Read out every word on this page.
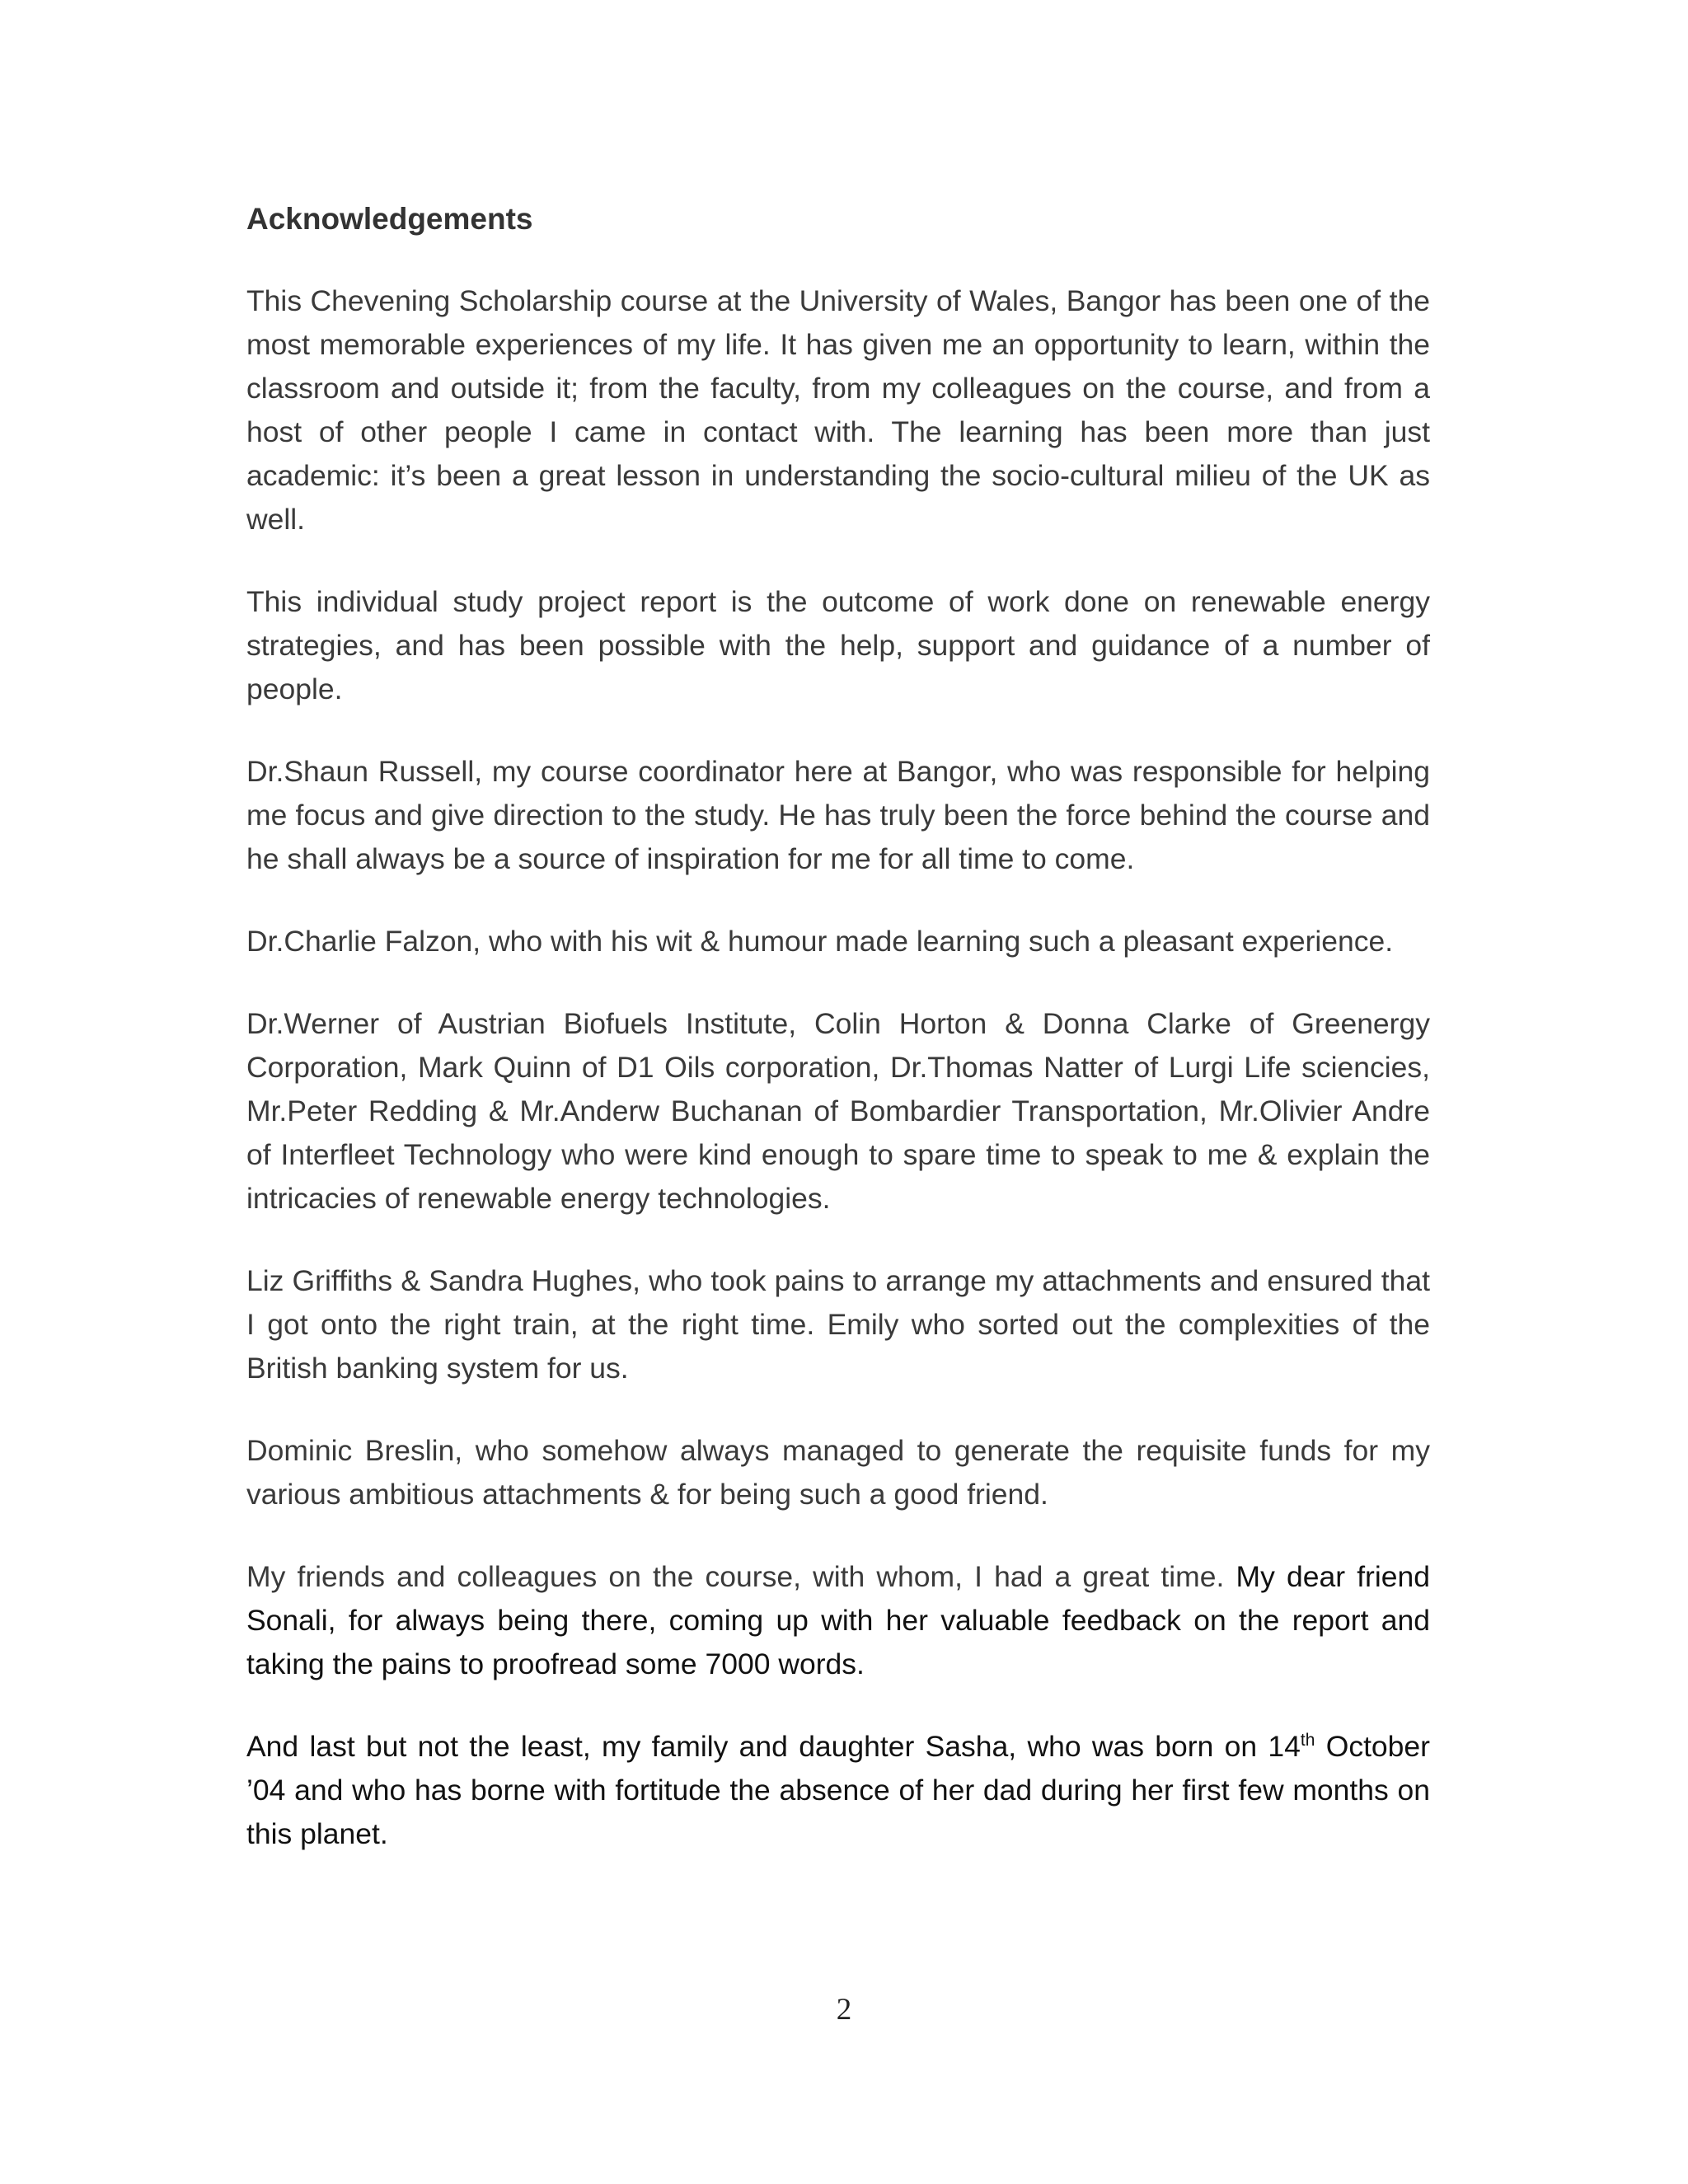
Acknowledgements

This Chevening Scholarship course at the University of Wales, Bangor has been one of the most memorable experiences of my life. It has given me an opportunity to learn, within the classroom and outside it; from the faculty, from my colleagues on the course, and from a host of other people I came in contact with. The learning has been more than just academic: it’s been a great lesson in understanding the socio-cultural milieu of the UK as well.

This individual study project report is the outcome of work done on renewable energy strategies, and has been possible with the help, support and guidance of a number of people.

Dr.Shaun Russell, my course coordinator here at Bangor, who was responsible for helping me focus and give direction to the study. He has truly been the force behind the course and he shall always be a source of inspiration for me for all time to come.

Dr.Charlie Falzon, who with his wit & humour made learning such a pleasant experience.

Dr.Werner of Austrian Biofuels Institute, Colin Horton & Donna Clarke of Greenergy Corporation, Mark Quinn of D1 Oils corporation, Dr.Thomas Natter of Lurgi Life sciencies, Mr.Peter Redding & Mr.Anderw Buchanan of Bombardier Transportation, Mr.Olivier Andre of Interfleet Technology who were kind enough to spare time to speak to me & explain the intricacies of renewable energy technologies.

Liz Griffiths & Sandra Hughes, who took pains to arrange my attachments and ensured that I got onto the right train, at the right time. Emily who sorted out the complexities of the British banking system for us.

Dominic Breslin, who somehow always managed to generate the requisite funds for my various ambitious attachments & for being such a good friend.

My friends and colleagues on the course, with whom, I had a great time. My dear friend Sonali, for always being there, coming up with her valuable feedback on the report and taking the pains to proofread some 7000 words.

And last but not the least, my family and daughter Sasha, who was born on 14th October ’04 and who has borne with fortitude the absence of her dad during her first few months on this planet.

2
